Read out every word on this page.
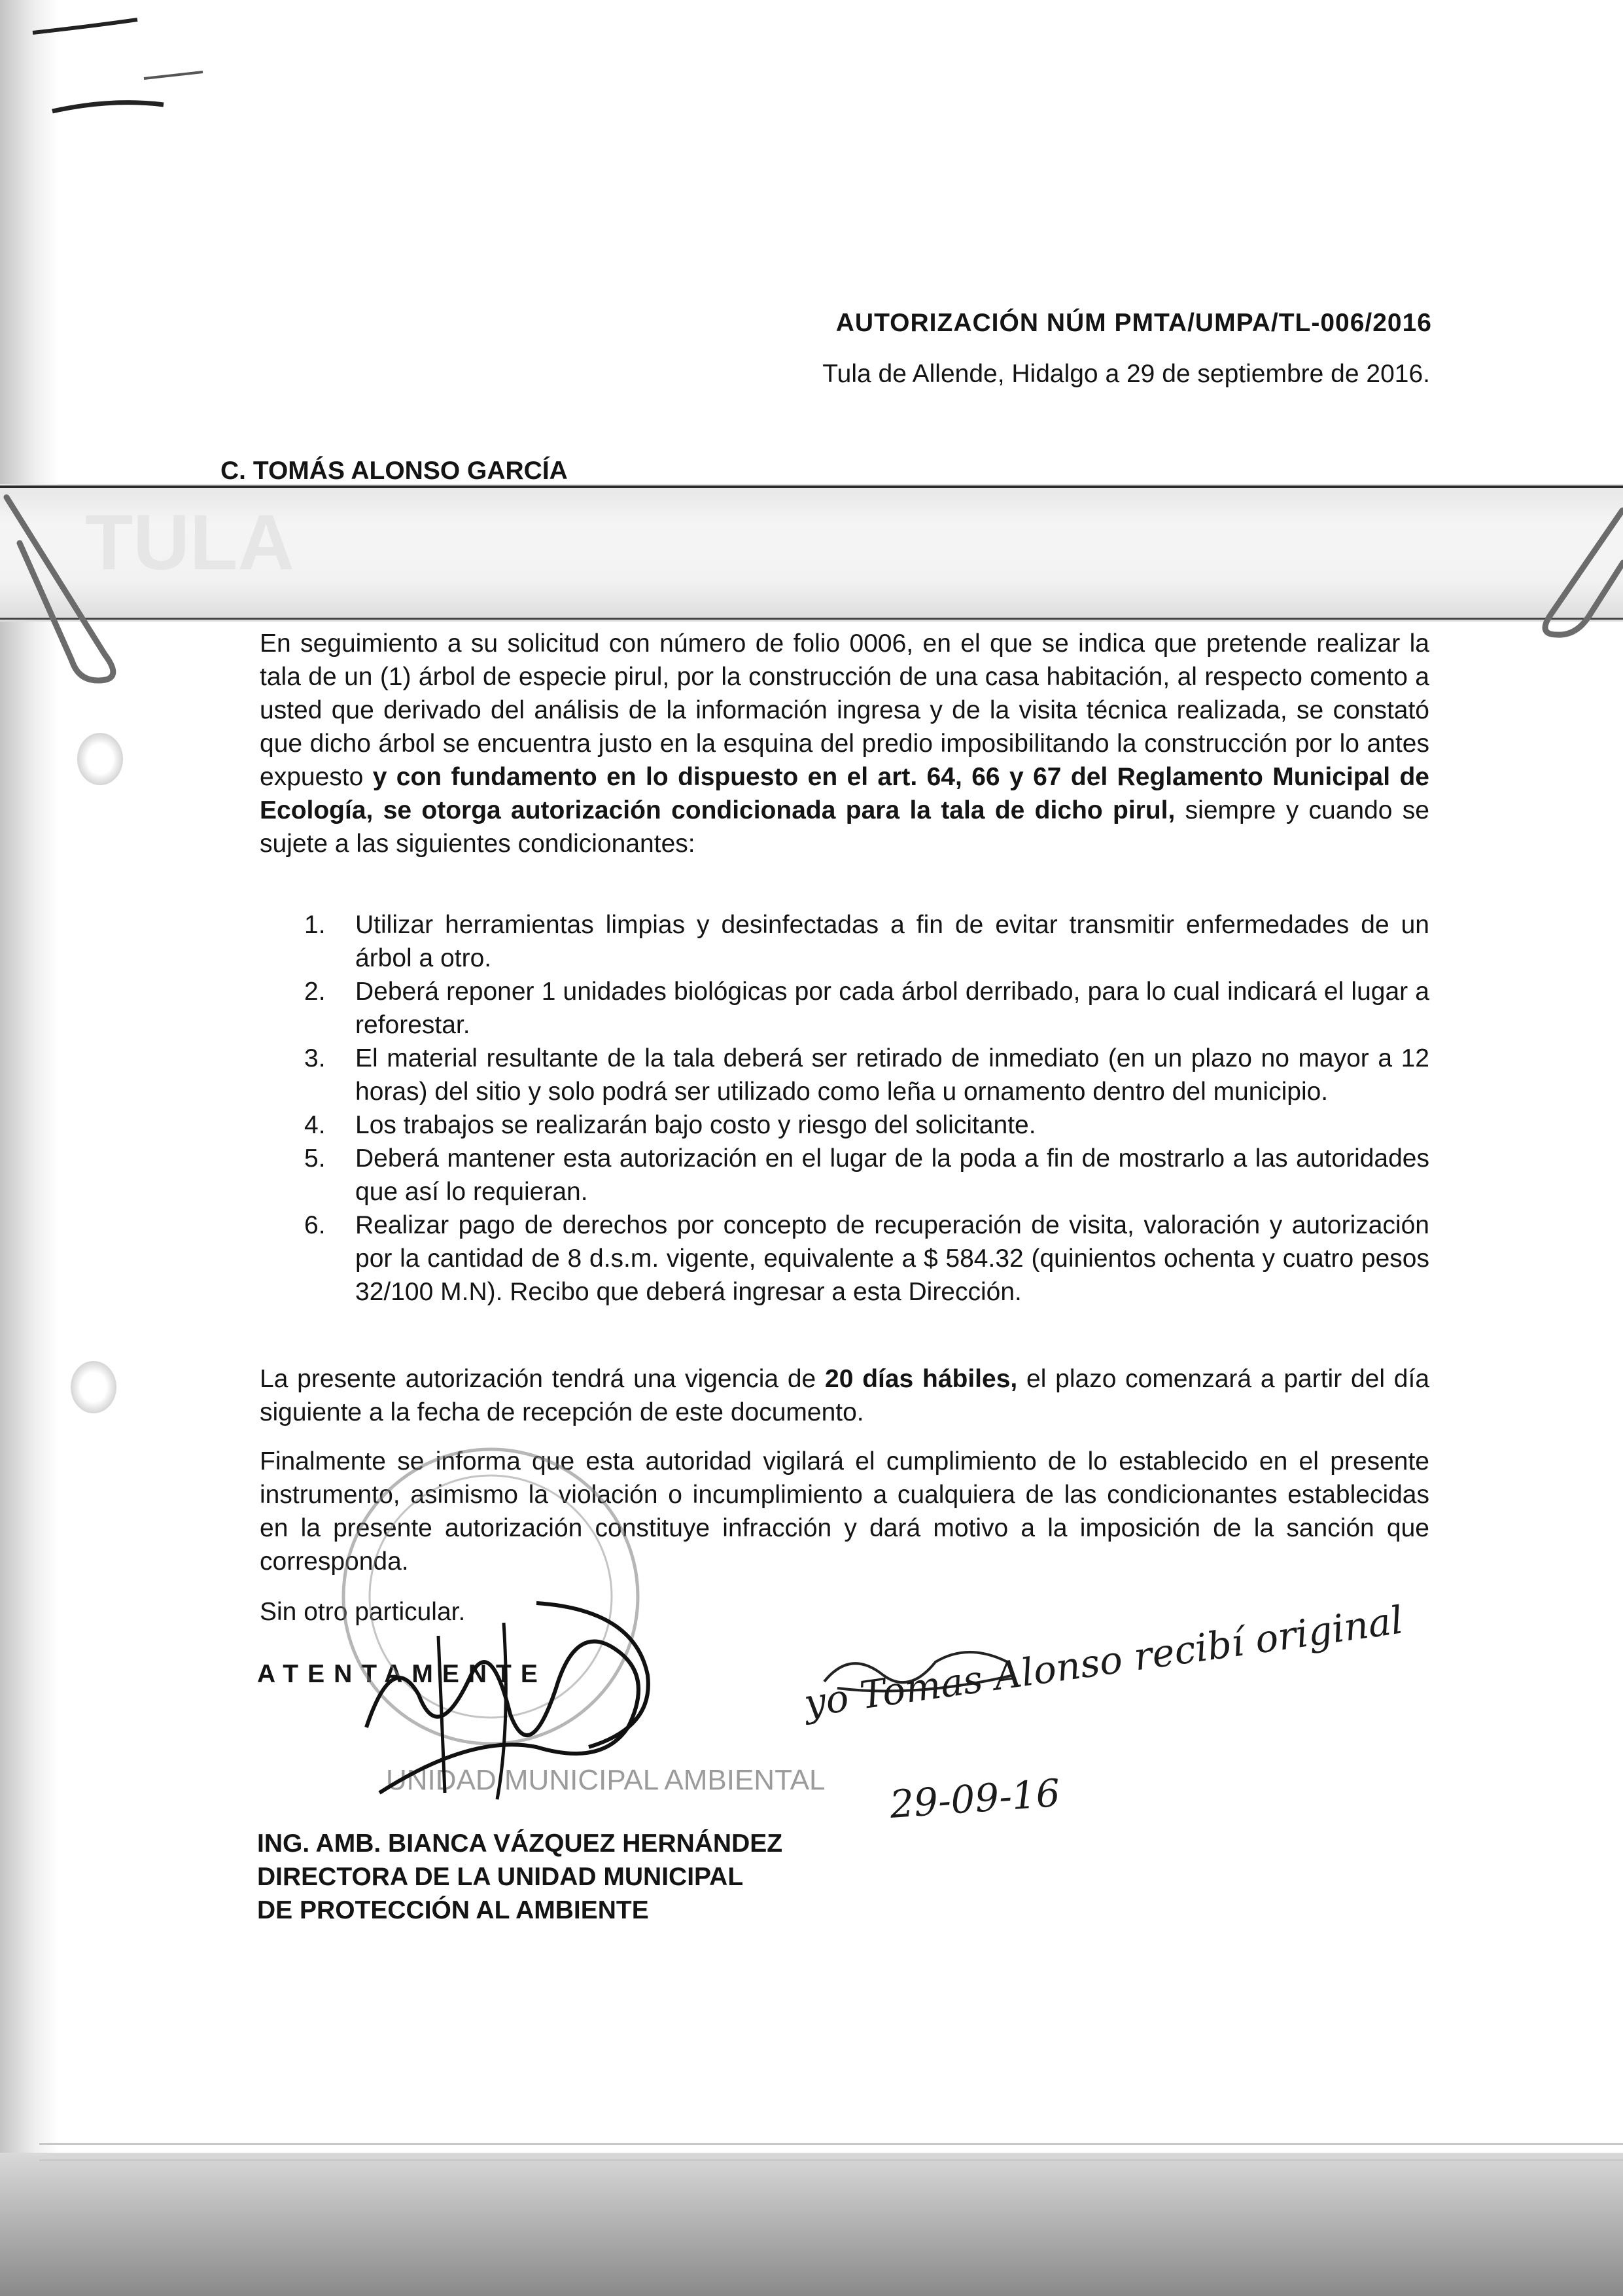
TULA
AUTORIZACIÓN NÚM PMTA/UMPA/TL-006/2016
Tula de Allende, Hidalgo a 29 de septiembre de 2016.
C. TOMÁS ALONSO GARCÍA
En seguimiento a su solicitud con número de folio 0006, en el que se indica que pretende realizar la tala de un (1) árbol de especie pirul, por la construcción de una casa habitación, al respecto comento a usted que derivado del análisis de la información ingresa y de la visita técnica realizada, se constató que dicho árbol se encuentra justo en la esquina del predio imposibilitando la construcción por lo antes expuesto y con fundamento en lo dispuesto en el art. 64, 66 y 67 del Reglamento Municipal de Ecología, se otorga autorización condicionada para la tala de dicho pirul, siempre y cuando se sujete a las siguientes condicionantes:
1. Utilizar herramientas limpias y desinfectadas a fin de evitar transmitir enfermedades de un árbol a otro.
2. Deberá reponer 1 unidades biológicas por cada árbol derribado, para lo cual indicará el lugar a reforestar.
3. El material resultante de la tala deberá ser retirado de inmediato (en un plazo no mayor a 12 horas) del sitio y solo podrá ser utilizado como leña u ornamento dentro del municipio.
4. Los trabajos se realizarán bajo costo y riesgo del solicitante.
5. Deberá mantener esta autorización en el lugar de la poda a fin de mostrarlo a las autoridades que así lo requieran.
6. Realizar pago de derechos por concepto de recuperación de visita, valoración y autorización por la cantidad de 8 d.s.m. vigente, equivalente a $ 584.32 (quinientos ochenta y cuatro pesos 32/100 M.N). Recibo que deberá ingresar a esta Dirección.
La presente autorización tendrá una vigencia de 20 días hábiles, el plazo comenzará a partir del día siguiente a la fecha de recepción de este documento.
Finalmente se informa que esta autoridad vigilará el cumplimiento de lo establecido en el presente instrumento, asimismo la violación o incumplimiento a cualquiera de las condicionantes establecidas en la presente autorización constituye infracción y dará motivo a la imposición de la sanción que corresponda.
Sin otro particular.
ATENTAMENTE
UNIDAD MUNICIPAL AMBIENTAL
ING. AMB. BIANCA VÁZQUEZ HERNÁNDEZ
DIRECTORA DE LA UNIDAD MUNICIPAL
DE PROTECCIÓN AL AMBIENTE
yo Tomas Alonso recibí original
29-09-16
